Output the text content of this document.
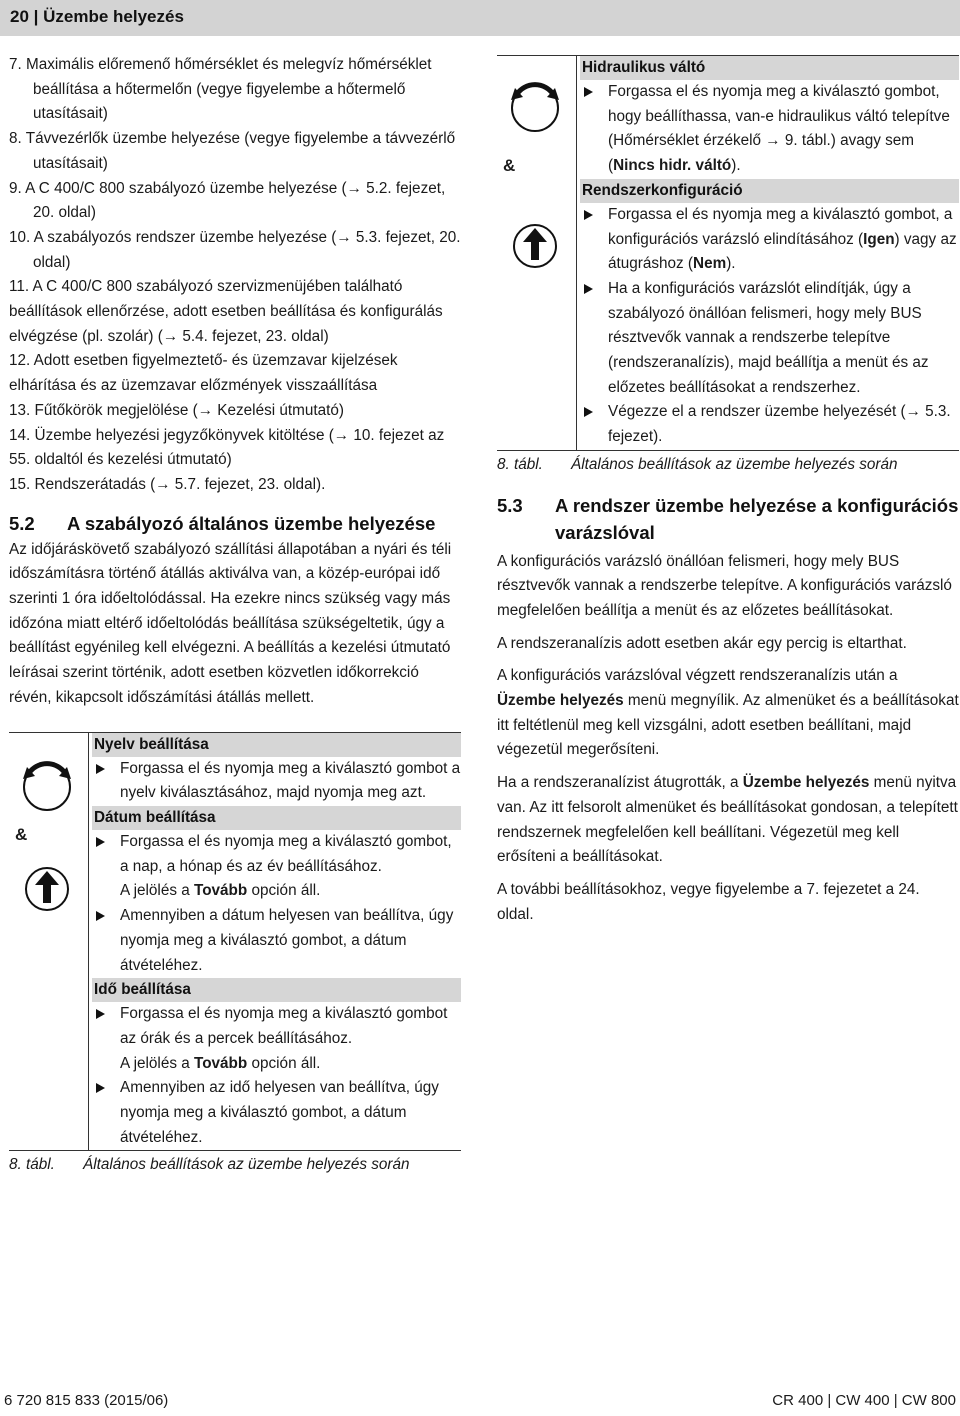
20 | Üzembe helyezés
7. Maximális előremenő hőmérséklet és melegvíz hőmérséklet beállítása a hőtermelőn (vegye figyelembe a hőtermelő utasításait)
8. Távvezérlők üzembe helyezése (vegye figyelembe a távvezérlő utasításait)
9. A C 400/C 800 szabályozó üzembe helyezése (→ 5.2. fejezet, 20. oldal)
10. A szabályozós rendszer üzembe helyezése (→ 5.3. fejezet, 20. oldal)
11. A C 400/C 800 szabályozó szervizmenüjében található beállítások ellenőrzése, adott esetben beállítása és konfigurálás elvégzése (pl. szolár) (→ 5.4. fejezet, 23. oldal)
12. Adott esetben figyelmeztető- és üzemzavar kijelzések elhárítása és az üzemzavar előzmények visszaállítása
13. Fűtőkörök megjelölése (→ Kezelési útmutató)
14. Üzembe helyezési jegyzőkönyvek kitöltése (→ 10. fejezet az 55. oldaltól és kezelési útmutató)
15. Rendszerátadás (→ 5.7. fejezet, 23. oldal).
5.2	A szabályozó általános üzembe helyezése
Az időjáráskövető szabályozó szállítási állapotában a nyári és téli időszámításra történő átállás aktiválva van, a közép-európai idő szerinti 1 óra időeltolódással. Ha ezekre nincs szükség vagy más időzóna miatt eltérő időeltolódás beállítása szükségeltetik, úgy a beállítást egyénileg kell elvégezni. A beállítás a kezelési útmutató leírásai szerint történik, adott esetben közvetlen időkorrekció révén, kikapcsolt időszámítási átállás mellett.
&
Nyelv beállítása
Forgassa el és nyomja meg a kiválasztó gombot a nyelv kiválasztásához, majd nyomja meg azt.
Dátum beállítása
Forgassa el és nyomja meg a kiválasztó gombot, a nap, a hónap és az év beállításához.
A jelölés a Tovább opción áll.
Amennyiben a dátum helyesen van beállítva, úgy nyomja meg a kiválasztó gombot, a dátum átvételéhez.
Idő beállítása
Forgassa el és nyomja meg a kiválasztó gombot az órák és a percek beállításához.
A jelölés a Tovább opción áll.
Amennyiben az idő helyesen van beállítva, úgy nyomja meg a kiválasztó gombot, a dátum átvételéhez.
8. tábl.	Általános beállítások az üzembe helyezés során
&
Hidraulikus váltó
Forgassa el és nyomja meg a kiválasztó gombot, hogy beállíthassa, van-e hidraulikus váltó telepítve (Hőmérséklet érzékelő → 9. tábl.) avagy sem (Nincs hidr. váltó).
Rendszerkonfiguráció
Forgassa el és nyomja meg a kiválasztó gombot, a konfigurációs varázsló elindításához (Igen) vagy az átugráshoz (Nem).
Ha a konfigurációs varázslót elindítják, úgy a szabályozó önállóan felismeri, hogy mely BUS résztvevők vannak a rendszerbe telepítve (rendszeranalízis), majd beállítja a menüt és az előzetes beállításokat a rendszerhez.
Végezze el a rendszer üzembe helyezését (→ 5.3. fejezet).
8. tábl.	Általános beállítások az üzembe helyezés során
5.3	A rendszer üzembe helyezése a konfigurációs varázslóval
A konfigurációs varázsló önállóan felismeri, hogy mely BUS résztvevők vannak a rendszerbe telepítve. A konfigurációs varázsló megfelelően beállítja a menüt és az előzetes beállításokat.
A rendszeranalízis adott esetben akár egy percig is eltarthat.
A konfigurációs varázslóval végzett rendszeranalízis után a Üzembe helyezés menü megnyílik. Az almenüket és a beállításokat itt feltétlenül meg kell vizsgálni, adott esetben beállítani, majd végezetül megerősíteni.
Ha a rendszeranalízist átugrották, a Üzembe helyezés menü nyitva van. Az itt felsorolt almenüket és beállításokat gondosan, a telepített rendszernek megfelelően kell beállítani. Végezetül meg kell erősíteni a beállításokat.
A további beállításokhoz, vegye figyelembe a 7. fejezetet a 24. oldal.
6 720 815 833 (2015/06)	CR 400 | CW 400 | CW 800
